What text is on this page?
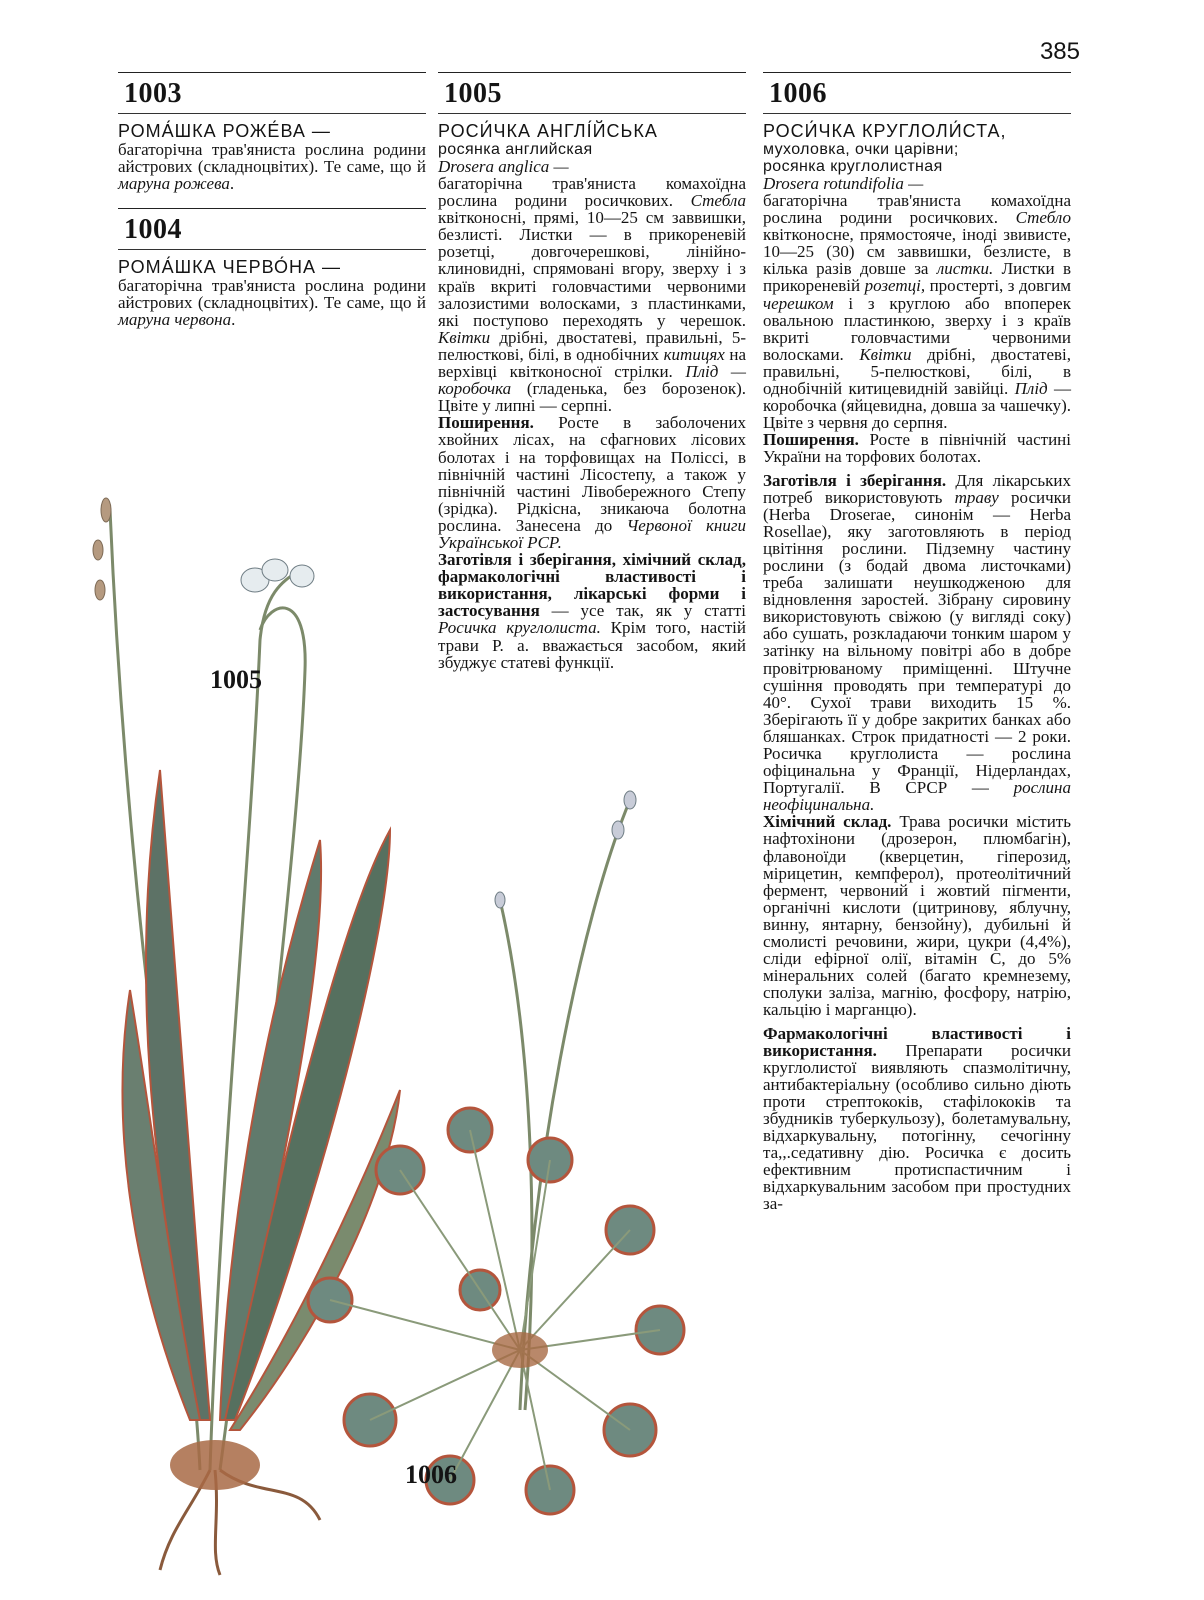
385
1003
РОМА́ШКА РОЖЕ́ВА —

багаторічна трав'яниста рослина родини айстрових (складноцвітих). Те саме, що й маруна рожева.

1004
РОМА́ШКА ЧЕРВО́НА —

багаторічна трав'яниста рослина родини айстрових (складноцвітих). Те саме, що й маруна червона.

1005
РОСИ́ЧКА АНГЛІ́ЙСЬКА
росянка английская
Drosera anglica —

багаторічна трав'яниста комахоїдна рослина родини росичкових. Стебла квітконосні, прямі, 10—25 см заввишки, безлисті. Листки — в прикореневій розетці, довгочерешкові, лінійно-клиновидні, спрямовані вгору, зверху і з країв вкриті головчастими червоними залозистими волосками, з пластинками, які поступово переходять у черешок. Квітки дрібні, двостатеві, правильні, 5-пелюсткові, білі, в однобічних китицях на верхівці квітконосної стрілки. Плід — коробочка (гладенька, без борозенок). Цвіте у липні — серпні.

Поширення. Росте в заболочених хвойних лісах, на сфагнових лісових болотах і на торфовищах на Поліссі, в північній частині Лісостепу, а також у північній частині Лівобережного Степу (зрідка). Рідкісна, зникаюча болотна рослина. Занесена до Червоної книги Української РСР.

Заготівля і зберігання, хімічний склад, фармакологічні властивості і використання, лікарські форми і застосування — усе так, як у статті Росичка круглолиста. Крім того, настій трави Р. а. вважається засобом, який збуджує статеві функції.

1006
РОСИ́ЧКА КРУГЛОЛИ́СТА,
мухоловка, очки царівни;
росянка круглолистная
Drosera rotundifolia —

багаторічна трав'яниста комахоїдна рослина родини росичкових. Стебло квітконосне, прямостояче, іноді звивисте, 10—25 (30) см заввишки, безлисте, в кілька разів довше за листки. Листки в прикореневій розетці, простерті, з довгим черешком і з круглою або впоперек овальною пластинкою, зверху і з країв вкриті головчастими червоними волосками. Квітки дрібні, двостатеві, правильні, 5-пелюсткові, білі, в однобічній китицевидній завійці. Плід — коробочка (яйцевидна, довша за чашечку). Цвіте з червня до серпня.

Поширення. Росте в північній частині України на торфових болотах.

Заготівля і зберігання. Для лікарських потреб використовують траву росички (Herba Droserae, синонім — Herba Rosellae), яку заготовляють в період цвітіння рослини. Підземну частину рослини (з бодай двома листочками) треба залишати неушкодженою для відновлення заростей. Зібрану сировину використовують свіжою (у вигляді соку) або сушать, розкладаючи тонким шаром у затінку на вільному повітрі або в добре провітрюваному приміщенні. Штучне сушіння проводять при температурі до 40°. Сухої трави виходить 15 %. Зберігають її у добре закритих банках або бляшанках. Строк придатності — 2 роки. Росичка круглолиста — рослина офіцинальна у Франції, Нідерландах, Португалії. В СРСР — рослина неофіцинальна.

Хімічний склад. Трава росички містить нафтохінони (дрозерон, плюмбагін), флавоноїди (кверцетин, гіперозид, мірицетин, кемпферол), протеолітичний фермент, червоний і жовтий пігменти, органічні кислоти (цитринову, яблучну, винну, янтарну, бензойну), дубильні й смолисті речовини, жири, цукри (4,4%), сліди ефірної олії, вітамін С, до 5% мінеральних солей (багато кремнезему, сполуки заліза, магнію, фосфору, натрію, кальцію і марганцю).

Фармакологічні властивості і використання. Препарати росички круглолистої виявляють спазмолітичну, антибактеріальну (особливо сильно діють проти стрептококів, стафілококів та збудників туберкульозу), болетамувальну, відхаркувальну, потогінну, сечогінну та,,.седативну дію. Росичка є досить ефективним протиспастичним і відхаркувальним засобом при простудних за-

1005
1006
